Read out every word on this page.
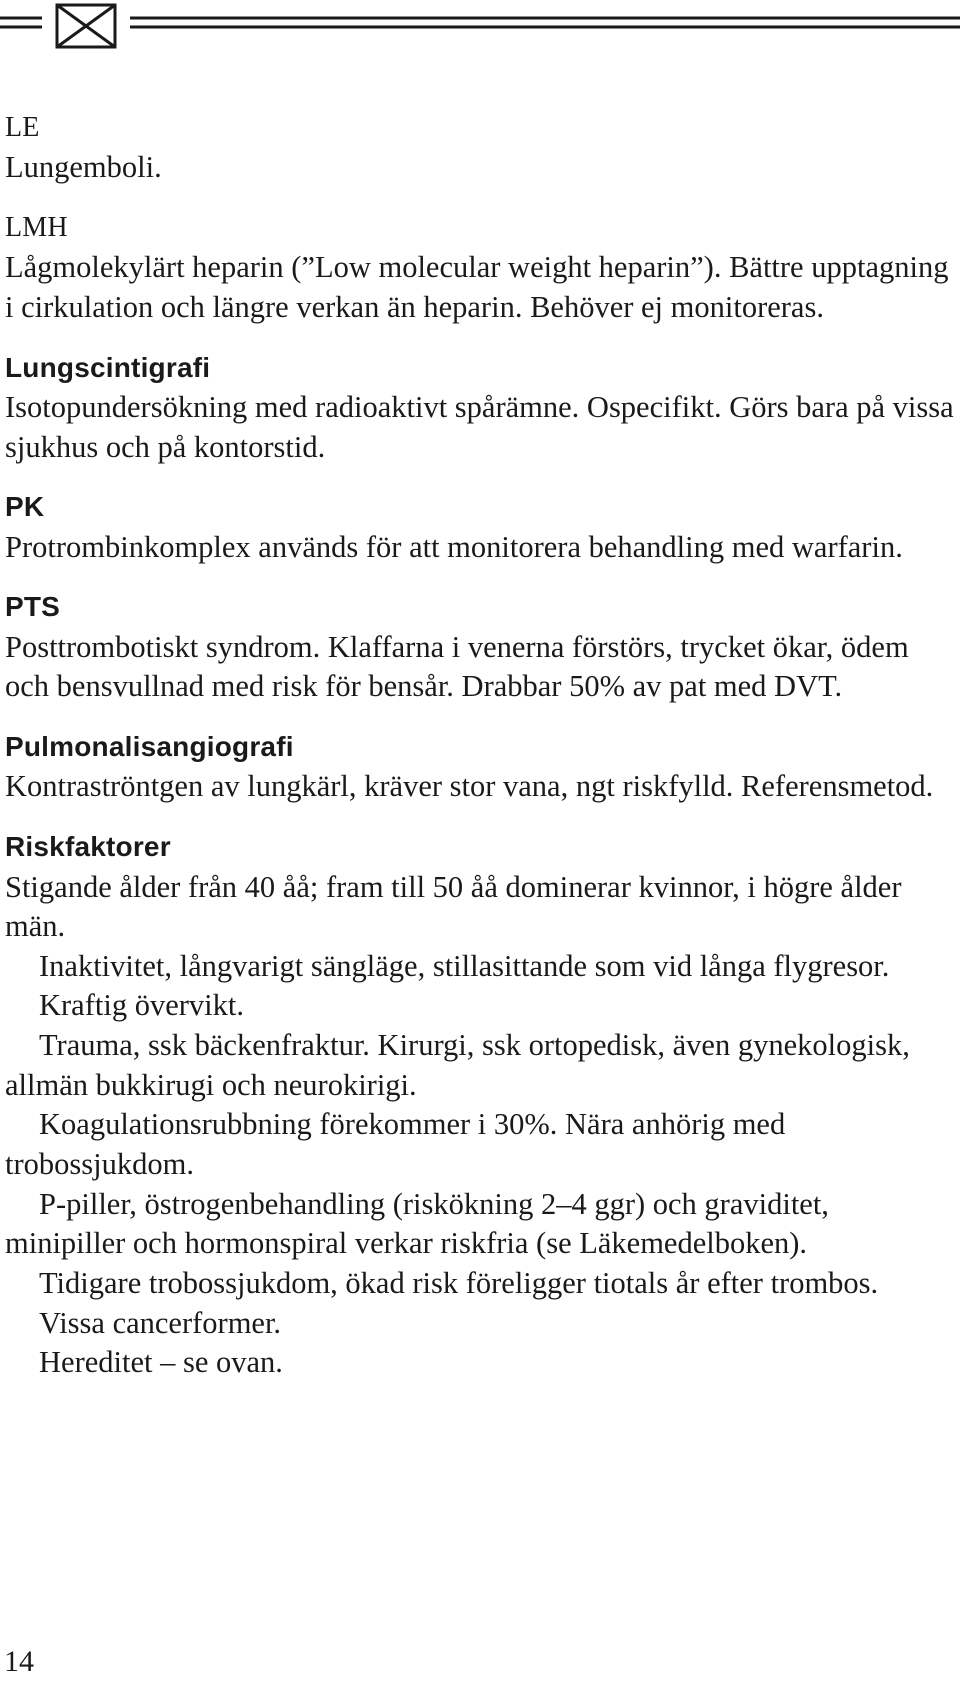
LE

Lungemboli.

LMH

Lågmolekylärt heparin (”Low molecular weight heparin”). Bättre upptagning i cirkulation och längre verkan än heparin. Behöver ej monitoreras.

Lungscintigrafi

Isotopundersökning med radioaktivt spårämne. Ospecifikt. Görs bara på vissa sjukhus och på kontorstid.

PK

Protrombinkomplex används för att monitorera behandling med warfarin.

PTS

Posttrombotiskt syndrom. Klaffarna i venerna förstörs, trycket ökar, ödem och bensvullnad med risk för bensår. Drabbar 50% av pat med DVT.

Pulmonalisangiografi

Kontraströntgen av lungkärl, kräver stor vana, ngt riskfylld. Referensmetod.

Riskfaktorer

Stigande ålder från 40 åå; fram till 50 åå dominerar kvinnor, i högre ålder män.

Inaktivitet, långvarigt sängläge, stillasittande som vid långa flygresor.

Kraftig övervikt.

Trauma, ssk bäckenfraktur. Kirurgi, ssk ortopedisk, även gynekologisk, allmän bukkirugi och neurokirigi.

Koagulationsrubbning förekommer i 30%. Nära anhörig med trobossjukdom.

P-piller, östrogenbehandling (riskökning 2–4 ggr) och graviditet, minipiller och hormonspiral verkar riskfria (se Läkemedelboken).

Tidigare trobossjukdom, ökad risk föreligger tiotals år efter trombos.

Vissa cancerformer.

Hereditet – se ovan.

14
